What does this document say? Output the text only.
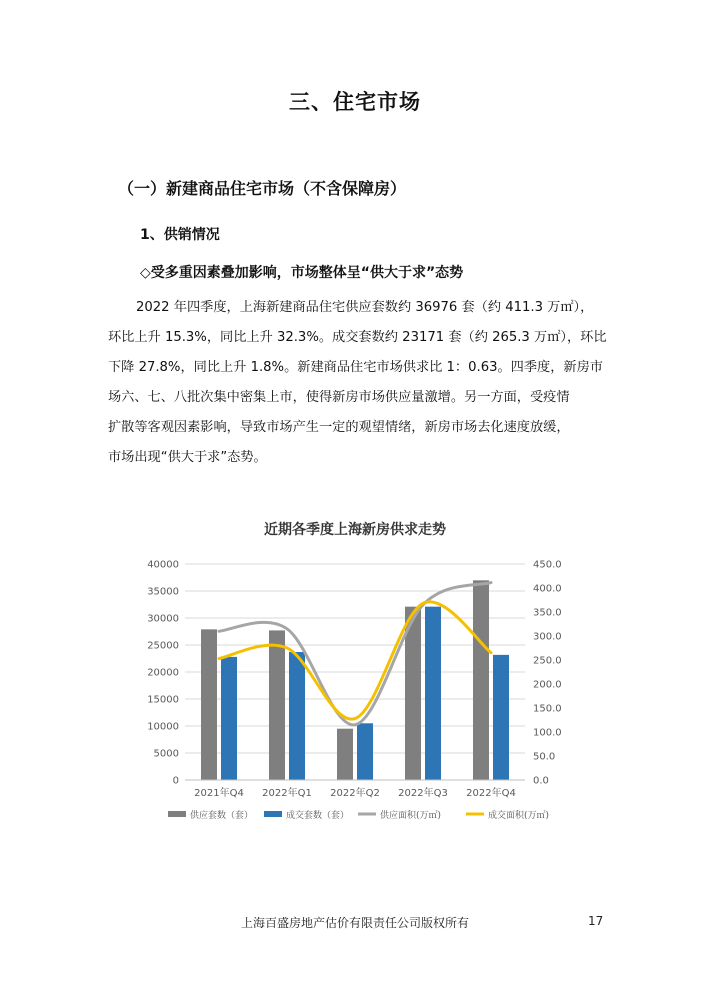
三、住宅市场
（一）新建商品住宅市场（不含保障房）
1、供销情况
◇受多重因素叠加影响，市场整体呈“供大于求”态势

2022 年四季度，上海新建商品住宅供应套数约 36976 套（约 411.3 万㎡），

环比上升 15.3%，同比上升 32.3%。成交套数约 23171 套（约 265.3 万㎡），环比

下降 27.8%，同比上升 1.8%。新建商品住宅市场供求比 1：0.63。四季度，新房市

场六、七、八批次集中密集上市，使得新房市场供应量激增。另一方面，受疫情

扩散等客观因素影响，导致市场产生一定的观望情绪，新房市场去化速度放缓，

市场出现“供大于求”态势。

近期各季度上海新房供求走势
0
5000
10000
15000
20000
25000
30000
35000
40000
0.0
50.0
100.0
150.0
200.0
250.0
300.0
350.0
400.0
450.0
2021年Q4 2022年Q1 2022年Q2 2022年Q3 2022年Q4
供应套数（套）	成交套数（套）	供应面积(万㎡)	成交面积(万㎡)
上海百盛房地产估价有限责任公司版权所有	17
